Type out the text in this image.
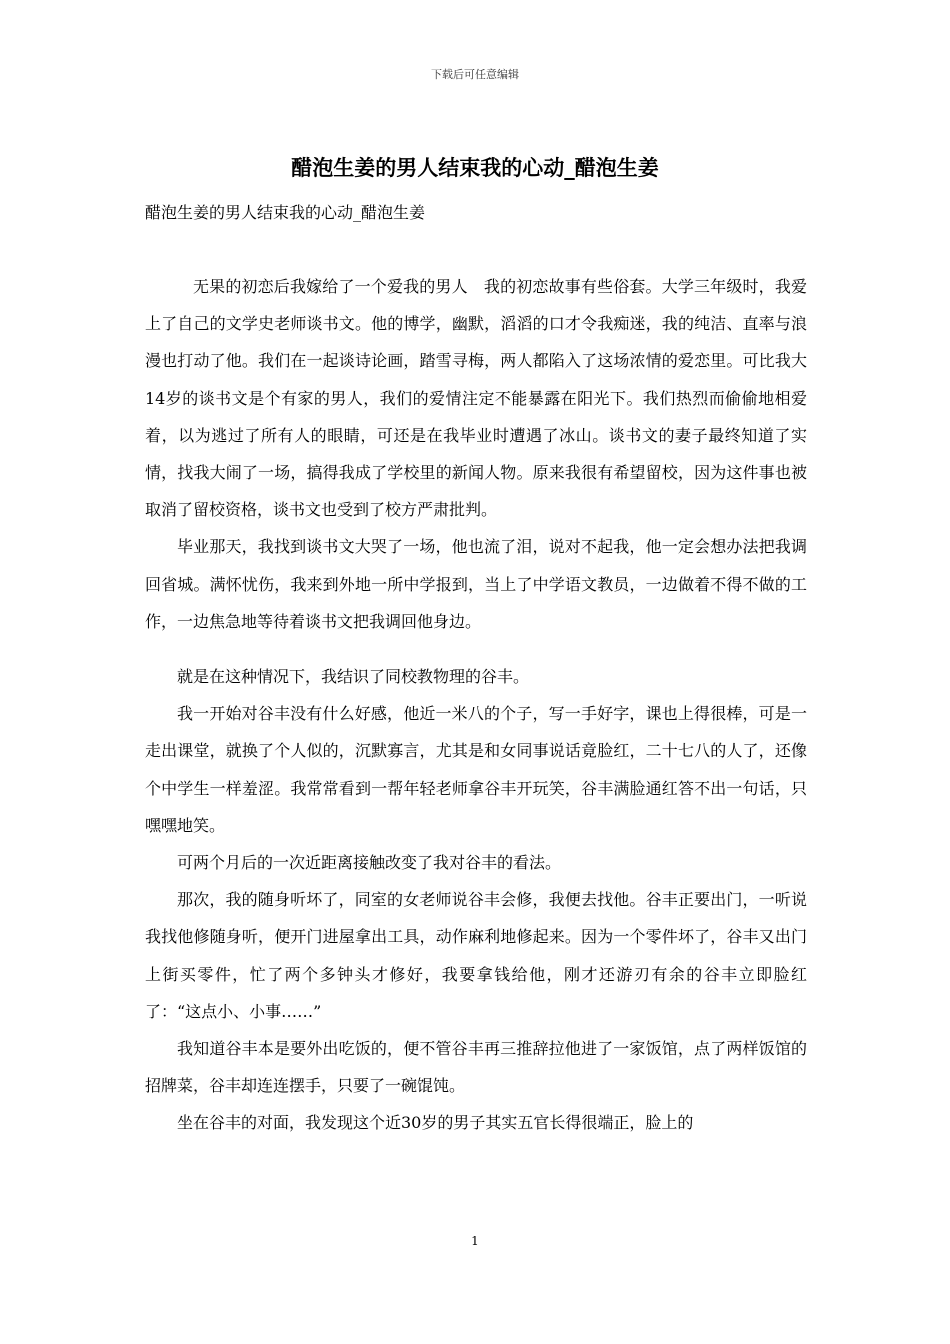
下载后可任意编辑
醋泡生姜的男人结束我的心动_醋泡生姜
醋泡生姜的男人结束我的心动_醋泡生姜

无果的初恋后我嫁给了一个爱我的男人　我的初恋故事有些俗套。大学三年级时，我爱上了自己的文学史老师谈书文。他的博学，幽默，滔滔的口才令我痴迷，我的纯洁、直率与浪漫也打动了他。我们在一起谈诗论画，踏雪寻梅，两人都陷入了这场浓情的爱恋里。可比我大14岁的谈书文是个有家的男人，我们的爱情注定不能暴露在阳光下。我们热烈而偷偷地相爱着，以为逃过了所有人的眼睛，可还是在我毕业时遭遇了冰山。谈书文的妻子最终知道了实情，找我大闹了一场，搞得我成了学校里的新闻人物。原来我很有希望留校，因为这件事也被取消了留校资格，谈书文也受到了校方严肃批判。

毕业那天，我找到谈书文大哭了一场，他也流了泪，说对不起我，他一定会想办法把我调回省城。满怀忧伤，我来到外地一所中学报到，当上了中学语文教员，一边做着不得不做的工作，一边焦急地等待着谈书文把我调回他身边。

就是在这种情况下，我结识了同校教物理的谷丰。

我一开始对谷丰没有什么好感，他近一米八的个子，写一手好字，课也上得很棒，可是一走出课堂，就换了个人似的，沉默寡言，尤其是和女同事说话竟脸红，二十七八的人了，还像个中学生一样羞涩。我常常看到一帮年轻老师拿谷丰开玩笑，谷丰满脸通红答不出一句话，只嘿嘿地笑。

可两个月后的一次近距离接触改变了我对谷丰的看法。

那次，我的随身听坏了，同室的女老师说谷丰会修，我便去找他。谷丰正要出门，一听说我找他修随身听，便开门进屋拿出工具，动作麻利地修起来。因为一个零件坏了，谷丰又出门上街买零件，忙了两个多钟头才修好，我要拿钱给他，刚才还游刃有余的谷丰立即脸红了：“这点小、小事……”

我知道谷丰本是要外出吃饭的，便不管谷丰再三推辞拉他进了一家饭馆，点了两样饭馆的招牌菜，谷丰却连连摆手，只要了一碗馄饨。

坐在谷丰的对面，我发现这个近30岁的男子其实五官长得很端正，脸上的

1
